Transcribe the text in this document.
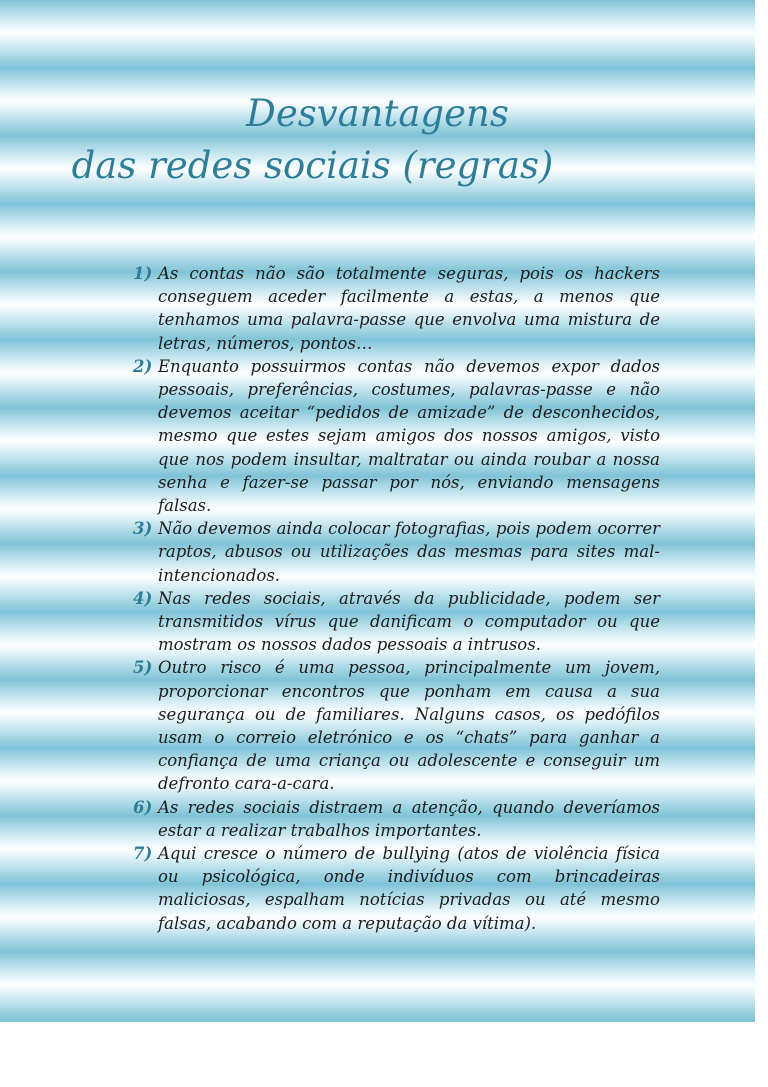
Desvantagens
das redes sociais (regras)
1) As contas não são totalmente seguras, pois os hackers conseguem aceder facilmente a estas, a menos que tenhamos uma palavra-passe que envolva uma mistura de letras, números, pontos…
2) Enquanto possuirmos contas não devemos expor dados pessoais, preferências, costumes, palavras-passe e não devemos aceitar “pedidos de amizade” de desconhecidos, mesmo que estes sejam amigos dos nossos amigos, visto que nos podem insultar, maltratar ou ainda roubar a nossa senha e fazer-se passar por nós, enviando mensagens falsas.
3) Não devemos ainda colocar fotografias, pois podem ocorrer raptos, abusos ou utilizações das mesmas para sites mal-intencionados.
4) Nas redes sociais, através da publicidade, podem ser transmitidos vírus que danificam o computador ou que mostram os nossos dados pessoais a intrusos.
5) Outro risco é uma pessoa, principalmente um jovem, proporcionar encontros que ponham em causa a sua segurança ou de familiares. Nalguns casos, os pedófilos usam o correio eletrónico e os “chats” para ganhar a confiança de uma criança ou adolescente e conseguir um defronto cara-a-cara.
6) As redes sociais distraem a atenção, quando deveríamos estar a realizar trabalhos importantes.
7) Aqui cresce o número de bullying (atos de violência física ou psicológica, onde indivíduos com brincadeiras maliciosas, espalham notícias privadas ou até mesmo falsas, acabando com a reputação da vítima).
